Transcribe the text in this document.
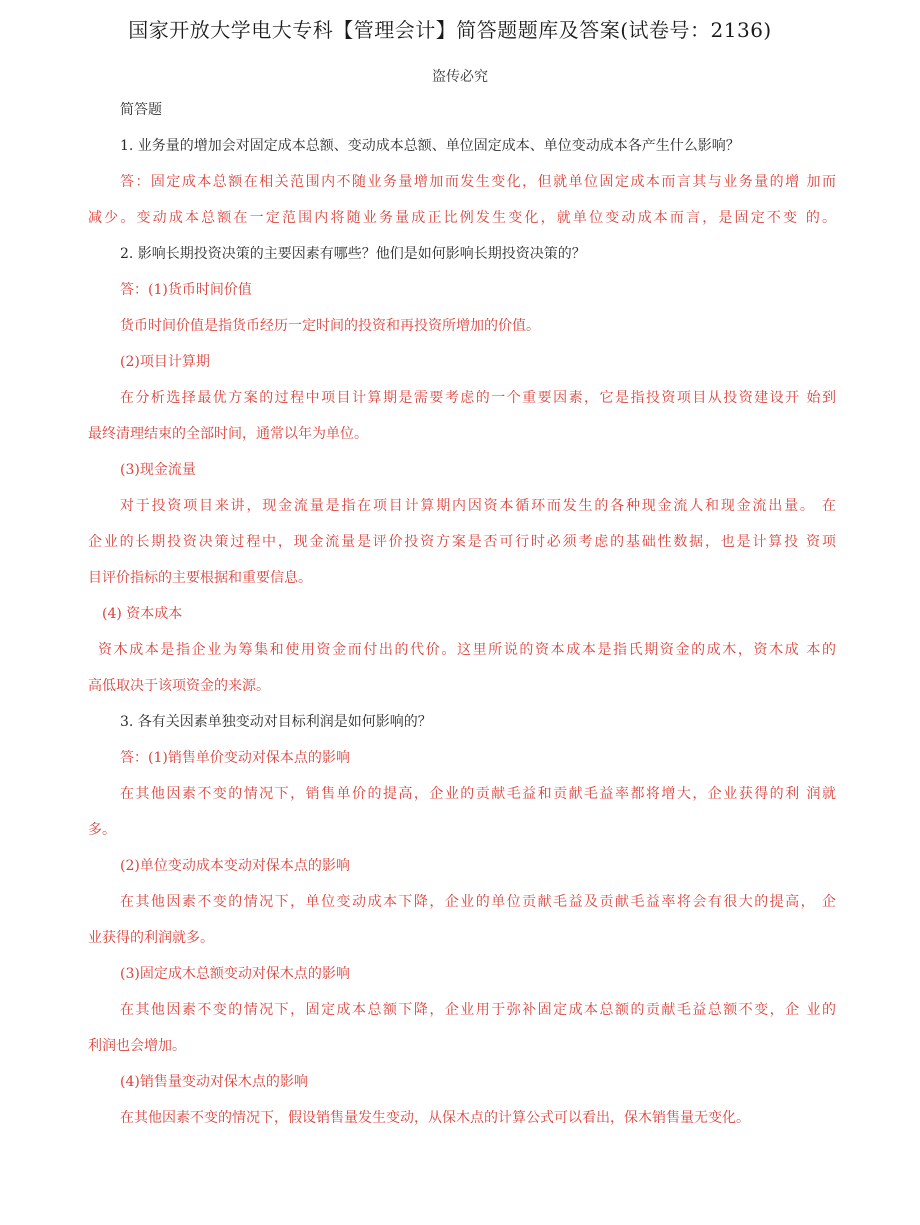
国家开放大学电大专科【管理会计】简答题题库及答案(试卷号：2136)
盗传必究

简答题

1. 业务量的增加会对固定成本总额、变动成本总额、单位固定成本、单位变动成本各产生什么影响？

答：固定成本总额在相关范围内不随业务量增加而发生变化，但就单位固定成本而言其与业务量的增 加而

减少。变动成本总额在一定范围内将随业务量成正比例发生变化，就单位变动成本而言，是固定不变 的。

2. 影响长期投资决策的主要因素有哪些？他们是如何影响长期投资决策的？

答：(1)货币时间价值

货币时间价值是指货币经历一定时间的投资和再投资所增加的价值。

(2)项目计算期

在分析选择最优方案的过程中项目计算期是需要考虑的一个重要因素，它是指投资项目从投资建设开 始到

最终清理结束的全部时间，通常以年为单位。

(3)现金流量

对于投资项目来讲，现金流量是指在项目计算期内因资本循环而发生的各种现金流人和现金流出量。 在

企业的长期投资决策过程中，现金流量是评价投资方案是否可行时必须考虑的基础性数据，也是计算投 资项

目评价指标的主要根据和重要信息。

(4) 资本成本

资木成本是指企业为筹集和使用资金而付出的代价。这里所说的资本成本是指氏期资金的成木，资木成 本的

高低取决于该项资金的来源。

3. 各有关因素单独变动对目标利润是如何影响的？

答：(1)销售单价变动对保本点的影响

在其他因素不变的情况下，销售单价的提高，企业的贡献毛益和贡献毛益率都将增大，企业获得的利 润就

多。

(2)单位变动成本变动对保本点的影响

在其他因素不变的情况下，单位变动成本下降，企业的单位贡献毛益及贡献毛益率将会有很大的提高， 企

业获得的利润就多。

(3)固定成木总额变动对保木点的影响

在其他因素不变的情况下，固定成本总额下降，企业用于弥补固定成本总额的贡献毛益总额不变，企 业的

利润也会增加。

(4)销售量变动对保木点的影响

在其他因素不变的情况下，假设销售量发生变动，从保木点的计算公式可以看出，保木销售量无变化。
